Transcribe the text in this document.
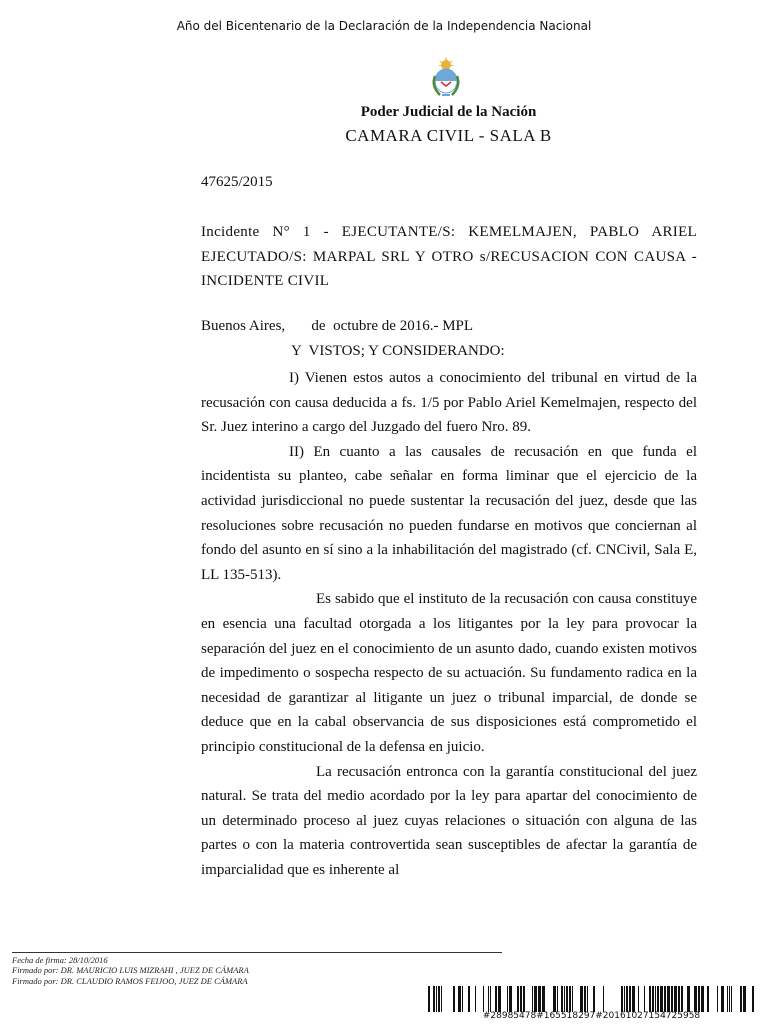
Año del Bicentenario de la Declaración de la Independencia Nacional
Poder Judicial de la Nación
CAMARA CIVIL - SALA B
47625/2015
Incidente N° 1 - EJECUTANTE/S: KEMELMAJEN, PABLO ARIEL EJECUTADO/S: MARPAL SRL Y OTRO s/RECUSACION CON CAUSA - INCIDENTE CIVIL
Buenos Aires,       de  octubre de 2016.- MPL
Y  VISTOS; Y CONSIDERANDO:

I) Vienen estos autos a conocimiento del tribunal en virtud de la recusación con causa deducida a fs. 1/5 por Pablo Ariel Kemelmajen, respecto del Sr. Juez interino a cargo del Juzgado del fuero Nro. 89.

II) En cuanto a las causales de recusación en que funda el incidentista su planteo, cabe señalar en forma liminar que el ejercicio de la actividad jurisdiccional no puede sustentar la recusación del juez, desde que las resoluciones sobre recusación no pueden fundarse en motivos que conciernan al fondo del asunto en sí sino a la inhabilitación del magistrado (cf. CNCivil, Sala E, LL 135-513).

Es sabido que el instituto de la recusación con causa constituye en esencia una facultad otorgada a los litigantes por la ley para provocar la separación del juez en el conocimiento de un asunto dado, cuando existen motivos de impedimento o sospecha respecto de su actuación. Su fundamento radica en la necesidad de garantizar al litigante un juez o tribunal imparcial, de donde se deduce que en la cabal observancia de sus disposiciones está comprometido el principio constitucional de la defensa en juicio.

La recusación entronca con la garantía constitucional del juez natural. Se trata del medio acordado por la ley para apartar del conocimiento de un determinado proceso al juez cuyas relaciones o situación con alguna de las partes o con la materia controvertida sean susceptibles de afectar la garantía de imparcialidad que es inherente al

Fecha de firma: 28/10/2016
Firmado por: DR. MAURICIO LUIS MIZRAHI , JUEZ DE CÁMARA
Firmado por: DR. CLAUDIO RAMOS FEIJOO, JUEZ DE CÁMARA
#28985478#165518297#20161027154725958
